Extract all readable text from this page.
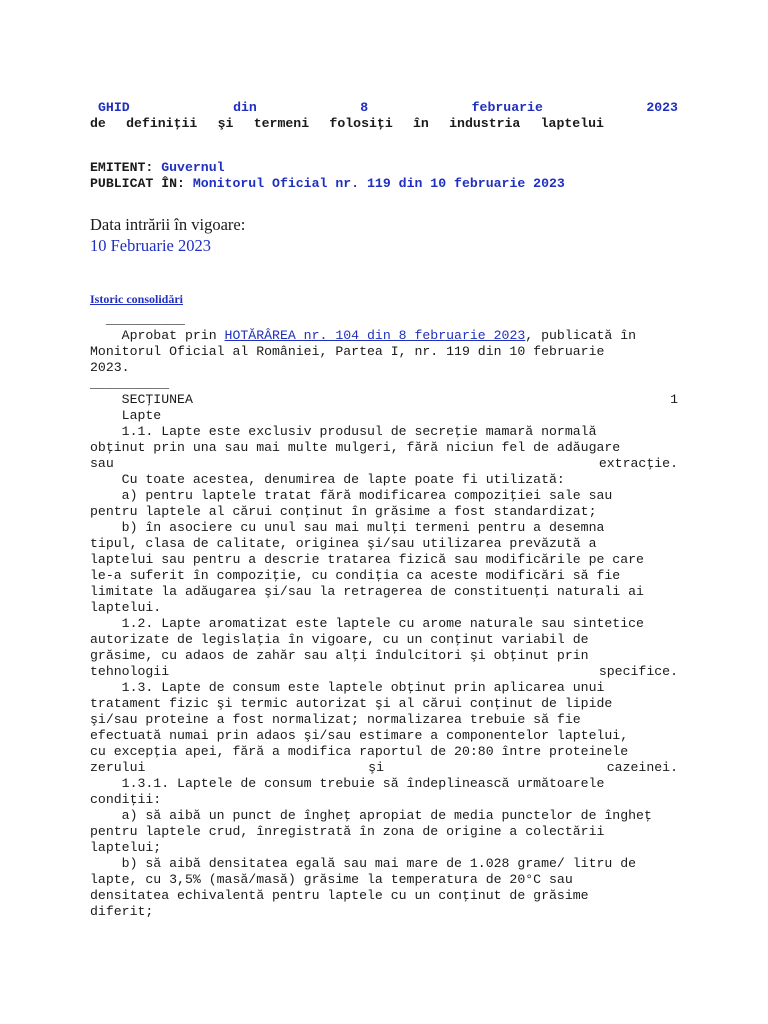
GHID	din	8	februarie	2023
de definiţii şi termeni folosiţi în industria laptelui
EMITENT: Guvernul
PUBLICAT ÎN: Monitorul Oficial nr. 119 din 10 februarie 2023
Data intrării în vigoare:
10 Februarie 2023
Istoric consolidări
__________
Aprobat prin HOTĂRÂREA nr. 104 din 8 februarie 2023, publicată în
Monitorul Oficial al României, Partea I, nr. 119 din 10 februarie
2023.
__________
SECŢIUNEA	1
Lapte
1.1. Lapte este exclusiv produsul de secreţie mamară normală
obţinut prin una sau mai multe mulgeri, fără niciun fel de adăugare
sau	extracţie.
Cu toate acestea, denumirea de lapte poate fi utilizată:
a) pentru laptele tratat fără modificarea compoziţiei sale sau
pentru laptele al cărui conţinut în grăsime a fost standardizat;
b) în asociere cu unul sau mai mulţi termeni pentru a desemna
tipul, clasa de calitate, originea şi/sau utilizarea prevăzută a
laptelui sau pentru a descrie tratarea fizică sau modificările pe care
le-a suferit în compoziţie, cu condiţia ca aceste modificări să fie
limitate la adăugarea şi/sau la retragerea de constituenţi naturali ai
laptelui.
1.2. Lapte aromatizat este laptele cu arome naturale sau sintetice
autorizate de legislaţia în vigoare, cu un conţinut variabil de
grăsime, cu adaos de zahăr sau alţi îndulcitori şi obţinut prin
tehnologii	specifice.
1.3. Lapte de consum este laptele obţinut prin aplicarea unui
tratament fizic şi termic autorizat şi al cărui conţinut de lipide
şi/sau proteine a fost normalizat; normalizarea trebuie să fie
efectuată numai prin adaos şi/sau estimare a componentelor laptelui,
cu excepţia apei, fără a modifica raportul de 20:80 între proteinele
zerului	şi	cazeinei.
1.3.1. Laptele de consum trebuie să îndeplinească următoarele
condiţii:
a) să aibă un punct de îngheţ apropiat de media punctelor de îngheţ
pentru laptele crud, înregistrată în zona de origine a colectării
laptelui;
b) să aibă densitatea egală sau mai mare de 1.028 grame/ litru de
lapte, cu 3,5% (masă/masă) grăsime la temperatura de 20°C sau
densitatea echivalentă pentru laptele cu un conţinut de grăsime
diferit;
